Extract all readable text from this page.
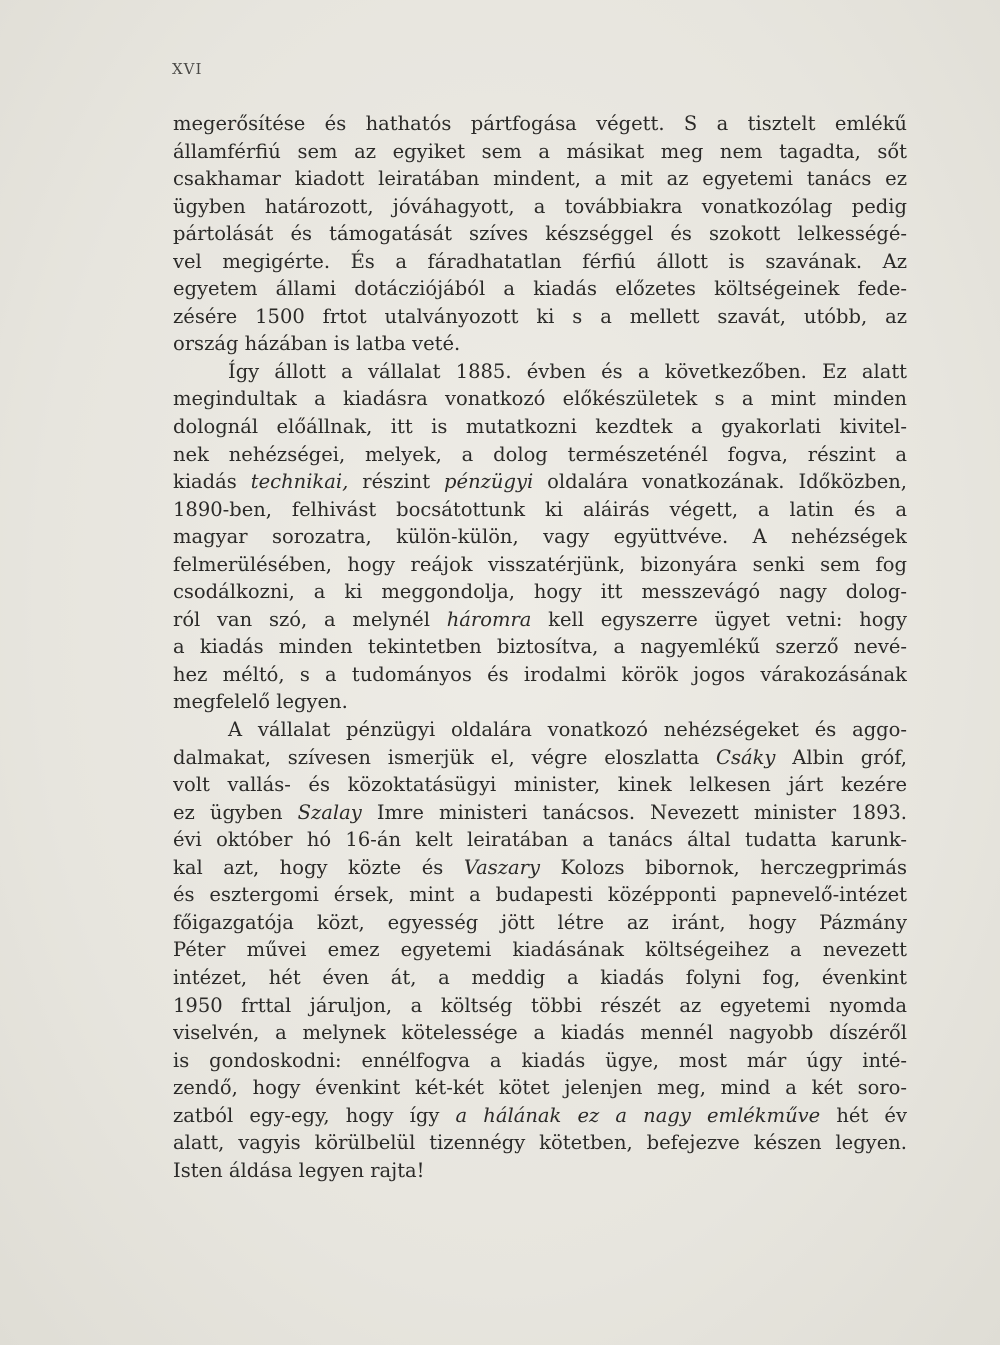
XVI
megerősítése és hathatós pártfogása végett. S a tisztelt emlékű
államférfiú sem az egyiket sem a másikat meg nem tagadta, sőt
csakhamar kiadott leiratában mindent, a mit az egyetemi tanács ez
ügyben határozott, jóváhagyott, a továbbiakra vonatkozólag pedig
pártolását és támogatását szíves készséggel és szokott lelkességé-
vel megigérte. És a fáradhatatlan férfiú állott is szavának. Az
egyetem állami dotácziójából a kiadás előzetes költségeinek fede-
zésére 1500 frtot utalványozott ki s a mellett szavát, utóbb, az
ország házában is latba veté.
Így állott a vállalat 1885. évben és a következőben. Ez alatt
megindultak a kiadásra vonatkozó előkészületek s a mint minden
dolognál előállnak, itt is mutatkozni kezdtek a gyakorlati kivitel-
nek nehézségei, melyek, a dolog természeténél fogva, részint a
kiadás technikai, részint pénzügyi oldalára vonatkozának. Időközben,
1890-ben, felhivást bocsátottunk ki aláirás végett, a latin és a
magyar sorozatra, külön-külön, vagy együttvéve. A nehézségek
felmerülésében, hogy reájok visszatérjünk, bizonyára senki sem fog
csodálkozni, a ki meggondolja, hogy itt messzevágó nagy dolog-
ról van szó, a melynél háromra kell egyszerre ügyet vetni: hogy
a kiadás minden tekintetben biztosítva, a nagyemlékű szerző nevé-
hez méltó, s a tudományos és irodalmi körök jogos várakozásának
megfelelő legyen.
A vállalat pénzügyi oldalára vonatkozó nehézségeket és aggo-
dalmakat, szívesen ismerjük el, végre eloszlatta Csáky Albin gróf,
volt vallás- és közoktatásügyi minister, kinek lelkesen járt kezére
ez ügyben Szalay Imre ministeri tanácsos. Nevezett minister 1893.
évi október hó 16-án kelt leiratában a tanács által tudatta karunk-
kal azt, hogy közte és Vaszary Kolozs bibornok, herczegprimás
és esztergomi érsek, mint a budapesti középponti papnevelő-intézet
főigazgatója közt, egyesség jött létre az iránt, hogy Pázmány
Péter művei emez egyetemi kiadásának költségeihez a nevezett
intézet, hét éven át, a meddig a kiadás folyni fog, évenkint
1950 frttal járuljon, a költség többi részét az egyetemi nyomda
viselvén, a melynek kötelessége a kiadás mennél nagyobb díszéről
is gondoskodni: ennélfogva a kiadás ügye, most már úgy inté-
zendő, hogy évenkint két-két kötet jelenjen meg, mind a két soro-
zatból egy-egy, hogy így a hálának ez a nagy emlékműve hét év
alatt, vagyis körülbelül tizennégy kötetben, befejezve készen legyen.
Isten áldása legyen rajta!
